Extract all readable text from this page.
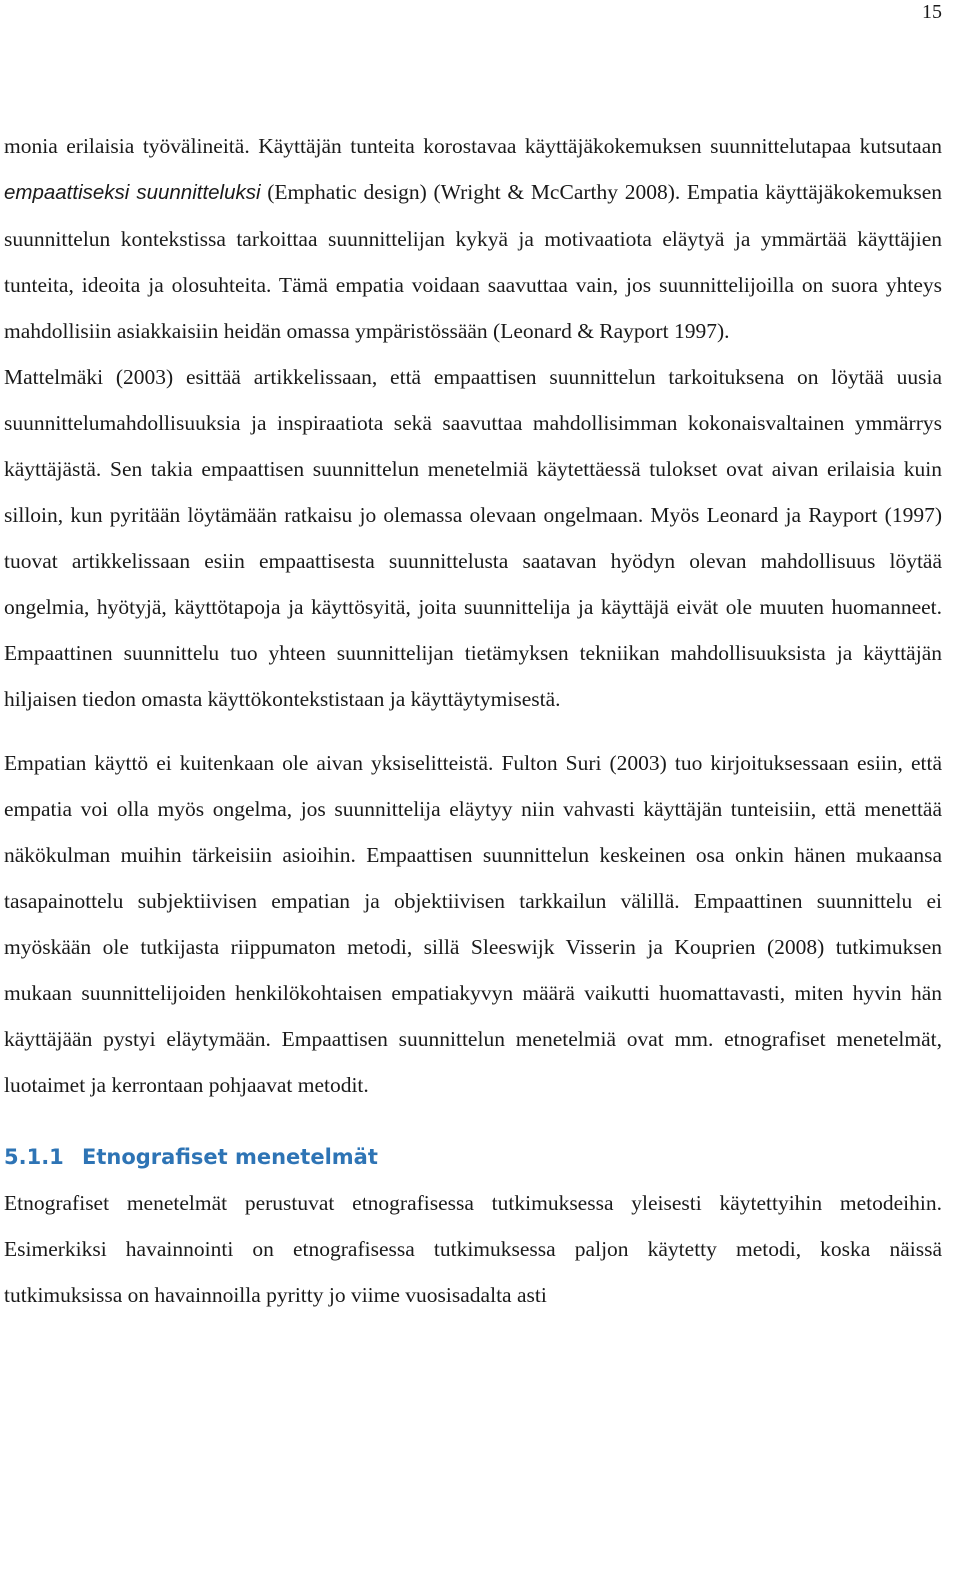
15

monia erilaisia työvälineitä. Käyttäjän tunteita korostavaa käyttäjäkokemuksen suunnittelutapaa kutsutaan empaattiseksi suunnitteluksi (Emphatic design) (Wright & McCarthy 2008). Empatia käyttäjäkokemuksen suunnittelun kontekstissa tarkoittaa suunnittelijan kykyä ja motivaatiota eläytyä ja ymmärtää käyttäjien tunteita, ideoita ja olosuhteita. Tämä empatia voidaan saavuttaa vain, jos suunnittelijoilla on suora yhteys mahdollisiin asiakkaisiin heidän omassa ympäristössään (Leonard & Rayport 1997).

Mattelmäki (2003) esittää artikkelissaan, että empaattisen suunnittelun tarkoituksena on löytää uusia suunnittelumahdollisuuksia ja inspiraatiota sekä saavuttaa mahdollisimman kokonaisvaltainen ymmärrys käyttäjästä. Sen takia empaattisen suunnittelun menetelmiä käytettäessä tulokset ovat aivan erilaisia kuin silloin, kun pyritään löytämään ratkaisu jo olemassa olevaan ongelmaan. Myös Leonard ja Rayport (1997) tuovat artikkelissaan esiin empaattisesta suunnittelusta saatavan hyödyn olevan mahdollisuus löytää ongelmia, hyötyjä, käyttötapoja ja käyttösyitä, joita suunnittelija ja käyttäjä eivät ole muuten huomanneet. Empaattinen suunnittelu tuo yhteen suunnittelijan tietämyksen tekniikan mahdollisuuksista ja käyttäjän hiljaisen tiedon omasta käyttökontekstistaan ja käyttäytymisestä.

Empatian käyttö ei kuitenkaan ole aivan yksiselitteistä. Fulton Suri (2003) tuo kirjoituksessaan esiin, että empatia voi olla myös ongelma, jos suunnittelija eläytyy niin vahvasti käyttäjän tunteisiin, että menettää näkökulman muihin tärkeisiin asioihin. Empaattisen suunnittelun keskeinen osa onkin hänen mukaansa tasapainottelu subjektiivisen empatian ja objektiivisen tarkkailun välillä. Empaattinen suunnittelu ei myöskään ole tutkijasta riippumaton metodi, sillä Sleeswijk Visserin ja Kouprien (2008) tutkimuksen mukaan suunnittelijoiden henkilökohtaisen empatiakyvyn määrä vaikutti huomattavasti, miten hyvin hän käyttäjään pystyi eläytymään. Empaattisen suunnittelun menetelmiä ovat mm. etnografiset menetelmät, luotaimet ja kerrontaan pohjaavat metodit.

5.1.1 Etnografiset menetelmät

Etnografiset menetelmät perustuvat etnografisessa tutkimuksessa yleisesti käytettyihin metodeihin. Esimerkiksi havainnointi on etnografisessa tutkimuksessa paljon käytetty metodi, koska näissä tutkimuksissa on havainnoilla pyritty jo viime vuosisadalta asti
